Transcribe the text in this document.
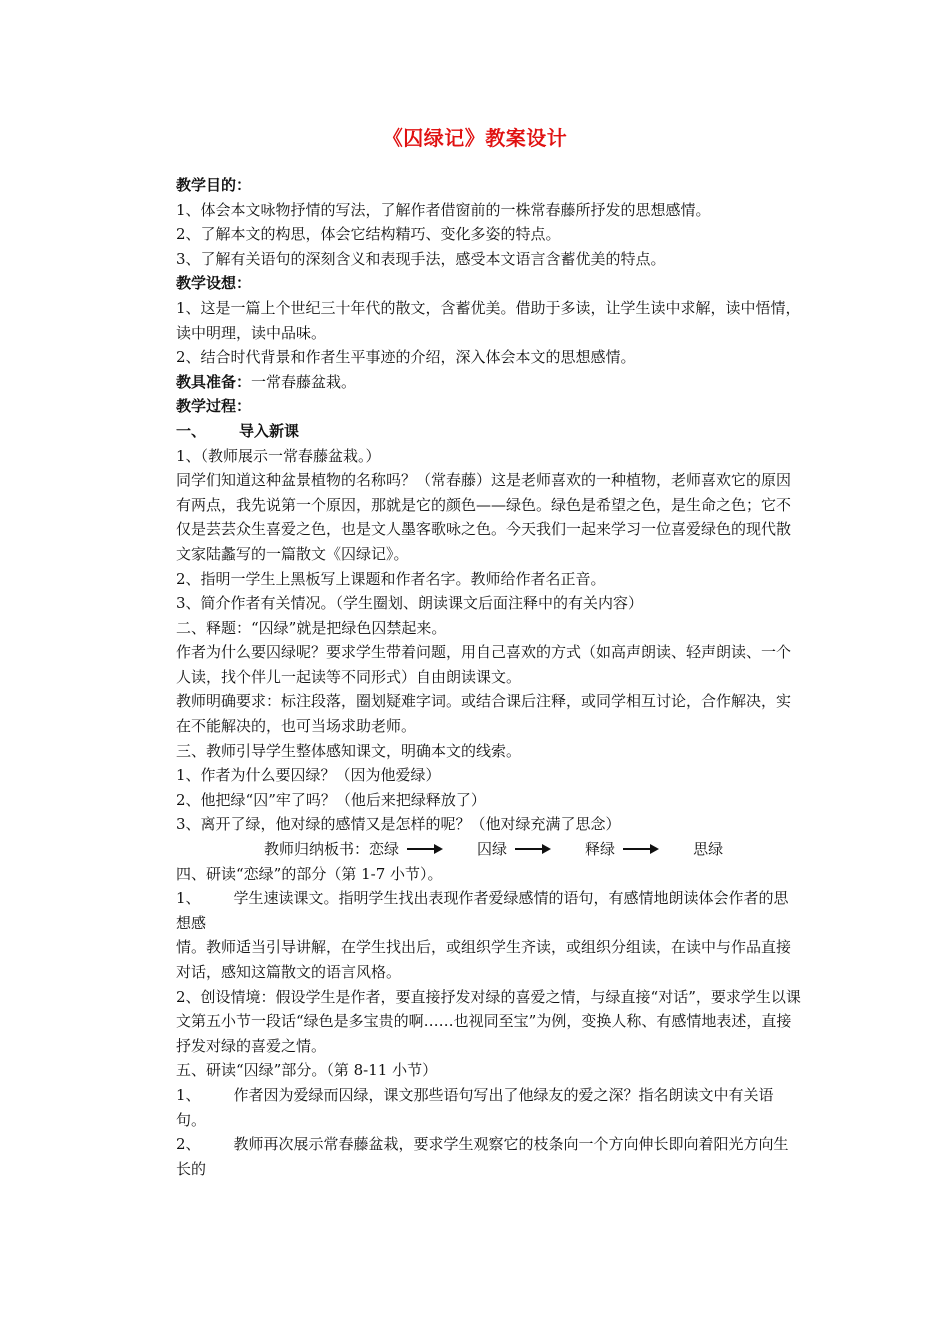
《囚绿记》教案设计

教学目的：

1、体会本文咏物抒情的写法，了解作者借窗前的一株常春藤所抒发的思想感情。

2、了解本文的构思，体会它结构精巧、变化多姿的特点。

3、了解有关语句的深刻含义和表现手法，感受本文语言含蓄优美的特点。

教学设想：

1、这是一篇上个世纪三十年代的散文，含蓄优美。借助于多读，让学生读中求解，读中悟情，读中明理，读中品味。

2、结合时代背景和作者生平事迹的介绍，深入体会本文的思想感情。

教具准备：一常春藤盆栽。

教学过程：

一、 导入新课

1、（教师展示一常春藤盆栽。）

同学们知道这种盆景植物的名称吗？（常春藤）这是老师喜欢的一种植物，老师喜欢它的原因有两点，我先说第一个原因，那就是它的颜色——绿色。绿色是希望之色，是生命之色；它不仅是芸芸众生喜爱之色，也是文人墨客歌咏之色。今天我们一起来学习一位喜爱绿色的现代散文家陆蠡写的一篇散文《囚绿记》。

2、指明一学生上黑板写上课题和作者名字。教师给作者名正音。

3、简介作者有关情况。（学生圈划、朗读课文后面注释中的有关内容）

二、释题：“囚绿”就是把绿色囚禁起来。

作者为什么要囚绿呢？要求学生带着问题，用自己喜欢的方式（如高声朗读、轻声朗读、一个人读，找个伴儿一起读等不同形式）自由朗读课文。

教师明确要求：标注段落，圈划疑难字词。或结合课后注释，或同学相互讨论，合作解决，实在不能解决的，也可当场求助老师。

三、教师引导学生整体感知课文，明确本文的线索。

1、作者为什么要囚绿？（因为他爱绿）

2、他把绿“囚”牢了吗？（他后来把绿释放了）

3、离开了绿，他对绿的感情又是怎样的呢？（他对绿充满了思念）

教师归纳板书： 恋绿	囚绿	释绿	思绿

四、研读“恋绿”的部分（第 1-7 小节）。

1、 学生速读课文。指明学生找出表现作者爱绿感情的语句，有感情地朗读体会作者的思想感

情。教师适当引导讲解，在学生找出后，或组织学生齐读，或组织分组读，在读中与作品直接对话，感知这篇散文的语言风格。

2、创设情境：假设学生是作者，要直接抒发对绿的喜爱之情，与绿直接“对话”，要求学生以课文第五小节一段话“绿色是多宝贵的啊……也视同至宝”为例，变换人称、有感情地表述，直接抒发对绿的喜爱之情。

五、研读“囚绿”部分。（第 8-11 小节）

1、 作者因为爱绿而囚绿，课文那些语句写出了他绿友的爱之深？指名朗读文中有关语句。

2、 教师再次展示常春藤盆栽，要求学生观察它的枝条向一个方向伸长即向着阳光方向生长的
